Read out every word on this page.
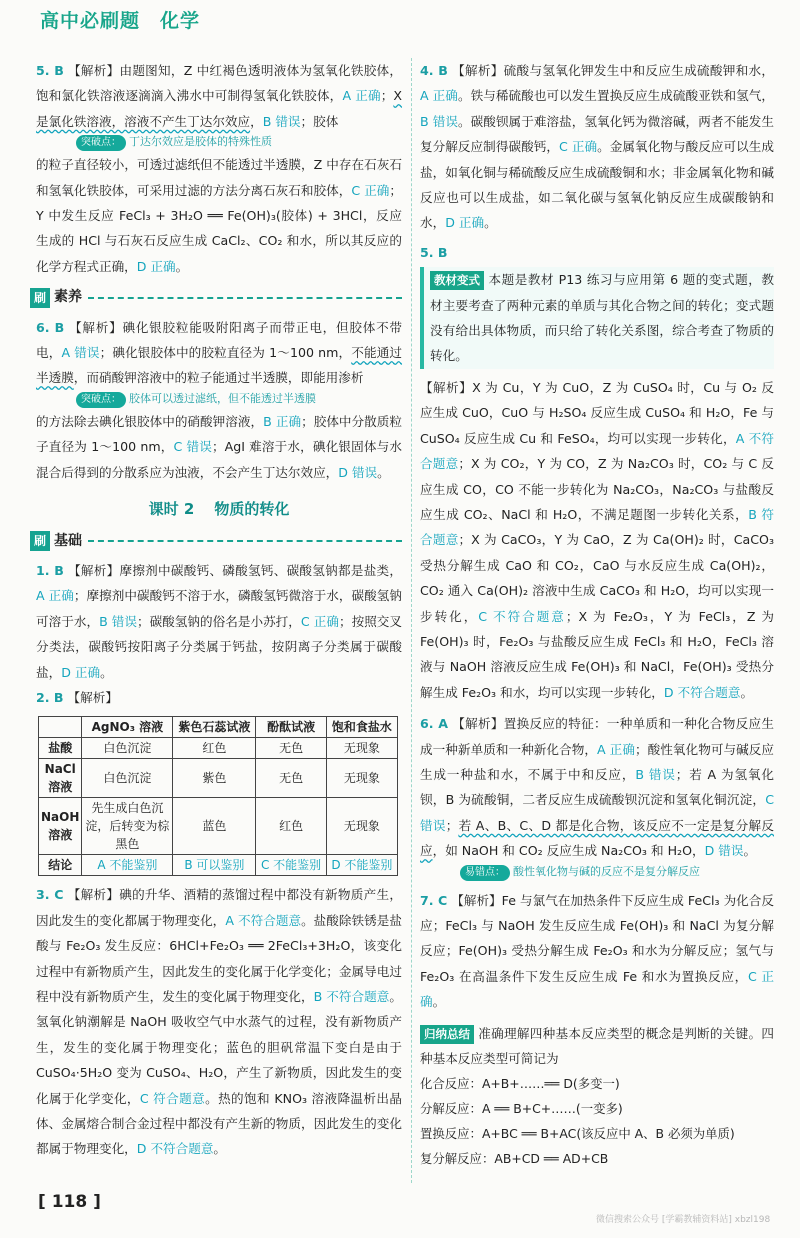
高中必刷题　化学
5. B 【解析】由题图知，Z 中红褐色透明液体为氢氧化铁胶体，饱和氯化铁溶液逐滴滴入沸水中可制得氢氧化铁胶体，A 正确；X 是氯化铁溶液，溶液不产生丁达尔效应，B 错误；胶体
突破点： 丁达尔效应是胶体的特殊性质
的粒子直径较小，可透过滤纸但不能透过半透膜，Z 中存在石灰石和氢氧化铁胶体，可采用过滤的方法分离石灰石和胶体，C 正确；Y 中发生反应 FeCl₃ + 3H₂O ══ Fe(OH)₃(胶体) + 3HCl，反应生成的 HCl 与石灰石反应生成 CaCl₂、CO₂ 和水，所以其反应的化学方程式正确，D 正确。
刷 素养
6. B 【解析】碘化银胶粒能吸附阳离子而带正电，但胶体不带电，A 错误；碘化银胶体中的胶粒直径为 1～100 nm，不能通过半透膜，而硝酸钾溶液中的粒子能通过半透膜，即能用渗析
突破点： 胶体可以透过滤纸，但不能透过半透膜
的方法除去碘化银胶体中的硝酸钾溶液，B 正确；胶体中分散质粒子直径为 1～100 nm，C 错误；AgI 难溶于水，碘化银固体与水混合后得到的分散系应为浊液，不会产生丁达尔效应，D 错误。
课时 2 物质的转化
刷 基础
1. B 【解析】摩擦剂中碳酸钙、磷酸氢钙、碳酸氢钠都是盐类，A 正确；摩擦剂中碳酸钙不溶于水，磷酸氢钙微溶于水，碳酸氢钠可溶于水，B 错误；碳酸氢钠的俗名是小苏打，C 正确；按照交叉分类法，碳酸钙按阳离子分类属于钙盐，按阴离子分类属于碳酸盐，D 正确。
2. B 【解析】
	AgNO₃ 溶液	紫色石蕊试液	酚酞试液	饱和食盐水
盐酸	白色沉淀	红色	无色	无现象
NaCl 溶液	白色沉淀	紫色	无色	无现象
NaOH 溶液	先生成白色沉淀，后转变为棕黑色	蓝色	红色	无现象
结论	A 不能鉴别	B 可以鉴别	C 不能鉴别	D 不能鉴别
3. C 【解析】碘的升华、酒精的蒸馏过程中都没有新物质产生，因此发生的变化都属于物理变化，A 不符合题意。盐酸除铁锈是盐酸与 Fe₂O₃ 发生反应：6HCl+Fe₂O₃ ══ 2FeCl₃+3H₂O，该变化过程中有新物质产生，因此发生的变化属于化学变化；金属导电过程中没有新物质产生，发生的变化属于物理变化，B 不符合题意。氢氧化钠潮解是 NaOH 吸收空气中水蒸气的过程，没有新物质产生，发生的变化属于物理变化；蓝色的胆矾常温下变白是由于 CuSO₄·5H₂O 变为 CuSO₄、H₂O，产生了新物质，因此发生的变化属于化学变化，C 符合题意。热的饱和 KNO₃ 溶液降温析出晶体、金属熔合制合金过程中都没有产生新的物质，因此发生的变化都属于物理变化，D 不符合题意。
4. B 【解析】硫酸与氢氧化钾发生中和反应生成硫酸钾和水，A 正确。铁与稀硫酸也可以发生置换反应生成硫酸亚铁和氢气，B 错误。碳酸钡属于难溶盐，氢氧化钙为微溶碱，两者不能发生复分解反应制得碳酸钙，C 正确。金属氧化物与酸反应可以生成盐，如氧化铜与稀硫酸反应生成硫酸铜和水；非金属氧化物和碱反应也可以生成盐，如二氧化碳与氢氧化钠反应生成碳酸钠和水，D 正确。
5. B
教材变式 本题是教材 P13 练习与应用第 6 题的变式题，教材主要考查了两种元素的单质与其化合物之间的转化；变式题没有给出具体物质，而只给了转化关系图，综合考查了物质的转化。
【解析】X 为 Cu，Y 为 CuO，Z 为 CuSO₄ 时，Cu 与 O₂ 反应生成 CuO，CuO 与 H₂SO₄ 反应生成 CuSO₄ 和 H₂O，Fe 与 CuSO₄ 反应生成 Cu 和 FeSO₄，均可以实现一步转化，A 不符合题意；X 为 CO₂，Y 为 CO，Z 为 Na₂CO₃ 时，CO₂ 与 C 反应生成 CO，CO 不能一步转化为 Na₂CO₃，Na₂CO₃ 与盐酸反应生成 CO₂、NaCl 和 H₂O，不满足题图一步转化关系，B 符合题意；X 为 CaCO₃，Y 为 CaO，Z 为 Ca(OH)₂ 时，CaCO₃ 受热分解生成 CaO 和 CO₂，CaO 与水反应生成 Ca(OH)₂，CO₂ 通入 Ca(OH)₂ 溶液中生成 CaCO₃ 和 H₂O，均可以实现一步转化，C 不符合题意；X 为 Fe₂O₃，Y 为 FeCl₃，Z 为 Fe(OH)₃ 时，Fe₂O₃ 与盐酸反应生成 FeCl₃ 和 H₂O，FeCl₃ 溶液与 NaOH 溶液反应生成 Fe(OH)₃ 和 NaCl，Fe(OH)₃ 受热分解生成 Fe₂O₃ 和水，均可以实现一步转化，D 不符合题意。
6. A 【解析】置换反应的特征：一种单质和一种化合物反应生成一种新单质和一种新化合物，A 正确；酸性氧化物可与碱反应生成一种盐和水，不属于中和反应，B 错误；若 A 为氢氧化钡，B 为硫酸铜，二者反应生成硫酸钡沉淀和氢氧化铜沉淀，C 错误；若 A、B、C、D 都是化合物，该反应不一定是复分解反应，如 NaOH 和 CO₂ 反应生成 Na₂CO₃ 和 H₂O，D 错误。
易错点： 酸性氧化物与碱的反应不是复分解反应
7. C 【解析】Fe 与氯气在加热条件下反应生成 FeCl₃ 为化合反应；FeCl₃ 与 NaOH 发生反应生成 Fe(OH)₃ 和 NaCl 为复分解反应；Fe(OH)₃ 受热分解生成 Fe₂O₃ 和水为分解反应；氢气与 Fe₂O₃ 在高温条件下发生反应生成 Fe 和水为置换反应，C 正确。
归纳总结 准确理解四种基本反应类型的概念是判断的关键。四种基本反应类型可简记为
化合反应：A+B+……══ D(多变一)
分解反应：A ══ B+C+……(一变多)
置换反应：A+BC ══ B+AC(该反应中 A、B 必须为单质)
复分解反应：AB+CD ══ AD+CB
[ 118 ]
微信搜索公众号 [学霸教辅资料站] xbzl198
